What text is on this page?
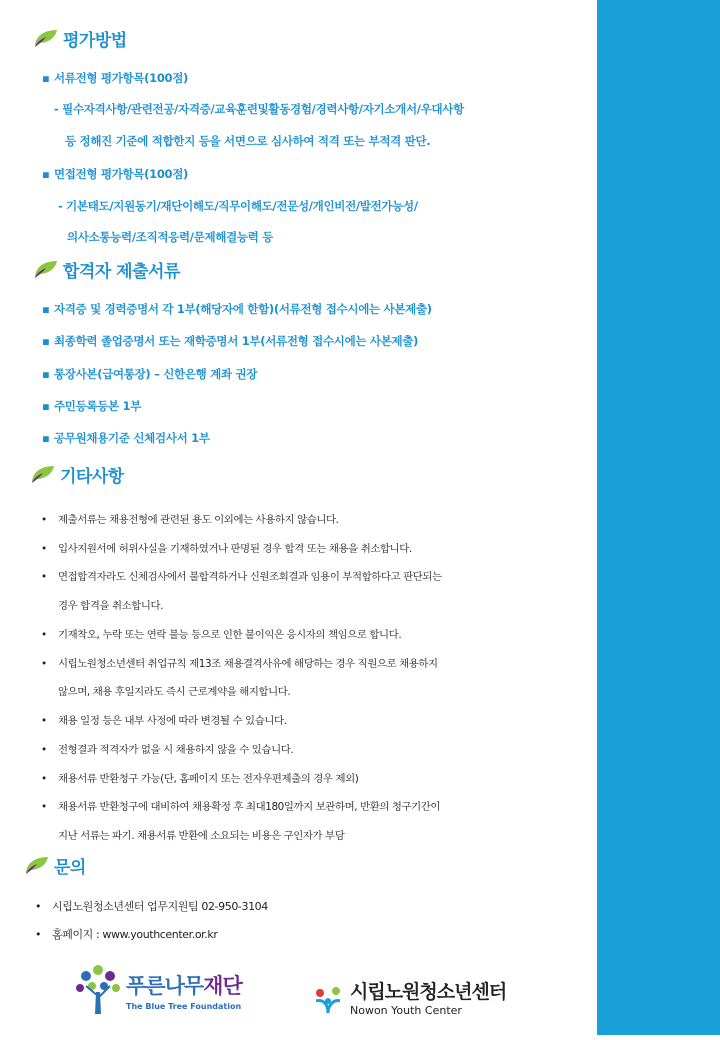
평가방법
▪ 서류전형 평가항목(100점)
- 필수자격사항/관련전공/자격증/교육훈련및활동경험/경력사항/자기소개서/우대사항
등 정해진 기준에 적합한지 등을 서면으로 심사하여 적격 또는 부적격 판단.
▪ 면접전형 평가항목(100점)
- 기본태도/지원동기/재단이해도/직무이해도/전문성/개인비전/발전가능성/
의사소통능력/조직적응력/문제해결능력 등
합격자 제출서류
▪ 자격증 및 경력증명서 각 1부(해당자에 한함)(서류전형 접수시에는 사본제출)
▪ 최종학력 졸업증명서 또는 재학증명서 1부(서류전형 접수시에는 사본제출)
▪ 통장사본(급여통장) – 신한은행 계좌 권장
▪ 주민등록등본 1부
▪ 공무원채용기준 신체검사서 1부
기타사항
• 제출서류는 채용전형에 관련된 용도 이외에는 사용하지 않습니다.
• 입사지원서에 허위사실을 기재하였거나 판명된 경우 합격 또는 채용을 취소합니다.
• 면접합격자라도 신체검사에서 불합격하거나 신원조회결과 임용이 부적합하다고 판단되는
경우 합격을 취소합니다.
• 기재착오, 누락 또는 연락 불능 등으로 인한 불이익은 응시자의 책임으로 합니다.
• 시립노원청소년센터 취업규칙 제13조 채용결격사유에 해당하는 경우 직원으로 채용하지
않으며, 채용 후일지라도 즉시 근로계약을 해지합니다.
• 채용 일정 등은 내부 사정에 따라 변경될 수 있습니다.
• 전형결과 적격자가 없을 시 채용하지 않을 수 있습니다.
• 채용서류 반환청구 가능(단, 홈페이지 또는 전자우편제출의 경우 제외)
• 채용서류 반환청구에 대비하여 채용확정 후 최대180일까지 보관하며, 반환의 청구기간이
지난 서류는 파기. 채용서류 반환에 소요되는 비용은 구인자가 부담
문의
• 시립노원청소년센터 업무지원팀 02-950-3104
• 홈페이지 : www.youthcenter.or.kr
푸른나무재단
The Blue Tree Foundation
시립노원청소년센터
Nowon Youth Center
